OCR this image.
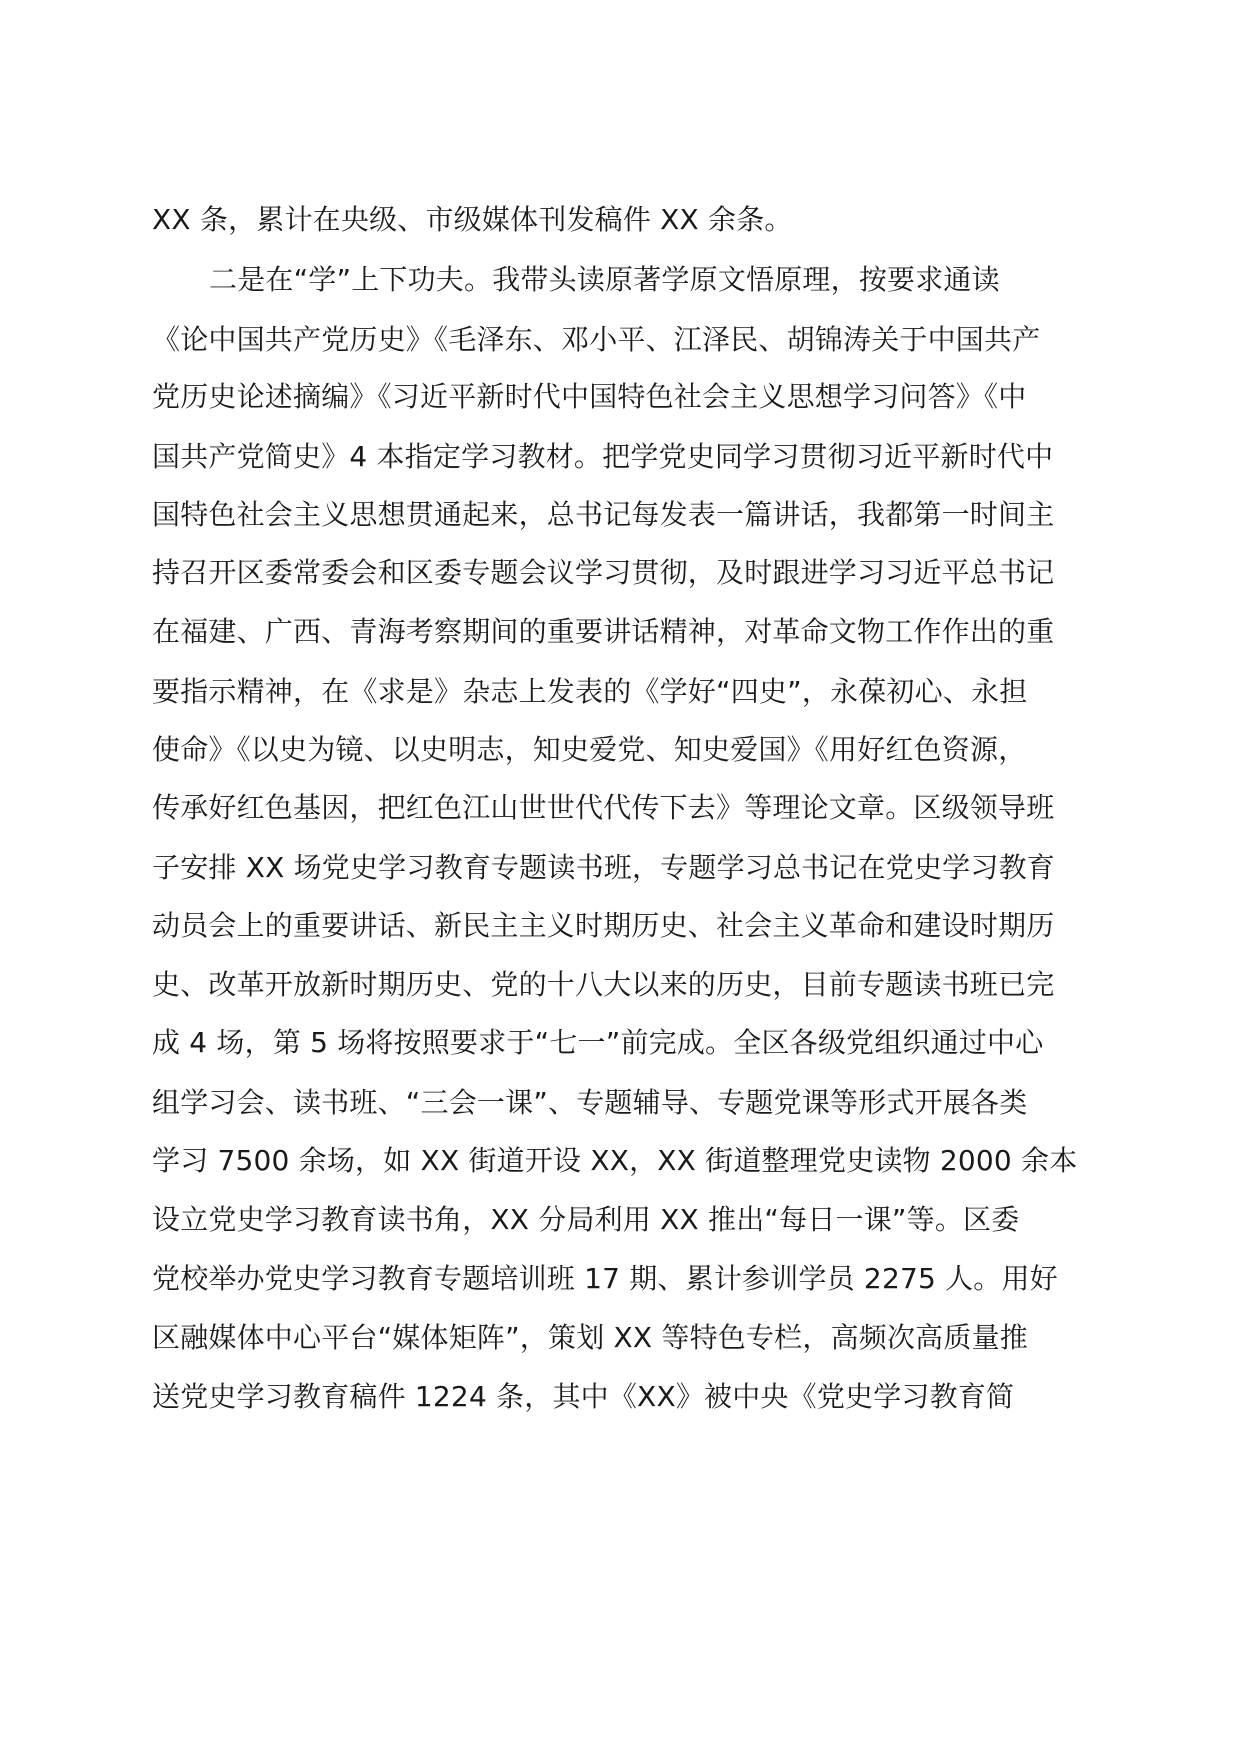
XX 条，累计在央级、市级媒体刊发稿件 XX 余条。
二是在“学”上下功夫。我带头读原著学原文悟原理，按要求通读
《论中国共产党历史》《毛泽东、邓小平、江泽民、胡锦涛关于中国共产
党历史论述摘编》《习近平新时代中国特色社会主义思想学习问答》《中
国共产党简史》4 本指定学习教材。把学党史同学习贯彻习近平新时代中
国特色社会主义思想贯通起来，总书记每发表一篇讲话，我都第一时间主
持召开区委常委会和区委专题会议学习贯彻，及时跟进学习习近平总书记
在福建、广西、青海考察期间的重要讲话精神，对革命文物工作作出的重
要指示精神，在《求是》杂志上发表的《学好“四史”，永葆初心、永担
使命》《以史为镜、以史明志，知史爱党、知史爱国》《用好红色资源，
传承好红色基因，把红色江山世世代代传下去》等理论文章。区级领导班
子安排 XX 场党史学习教育专题读书班，专题学习总书记在党史学习教育
动员会上的重要讲话、新民主主义时期历史、社会主义革命和建设时期历
史、改革开放新时期历史、党的十八大以来的历史，目前专题读书班已完
成 4 场，第 5 场将按照要求于“七一”前完成。全区各级党组织通过中心
组学习会、读书班、“三会一课”、专题辅导、专题党课等形式开展各类
学习 7500 余场，如 XX 街道开设 XX，XX 街道整理党史读物 2000 余本
设立党史学习教育读书角，XX 分局利用 XX 推出“每日一课”等。区委
党校举办党史学习教育专题培训班 17 期、累计参训学员 2275 人。用好
区融媒体中心平台“媒体矩阵”，策划 XX 等特色专栏，高频次高质量推
送党史学习教育稿件 1224 条，其中《XX》被中央《党史学习教育简
